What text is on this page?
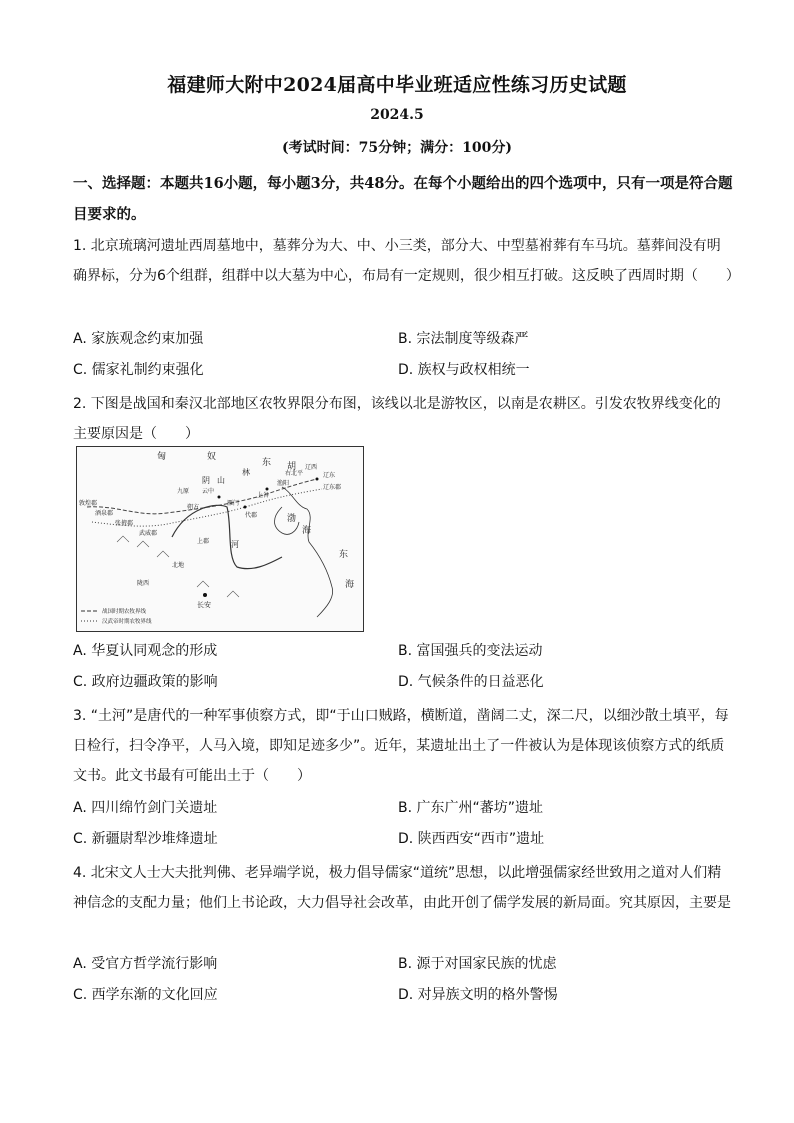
福建师大附中2024届高中毕业班适应性练习历史试题
2024.5
(考试时间：75分钟；满分：100分)
一、选择题：本题共16小题，每小题3分，共48分。在每个小题给出的四个选项中，只有一项是符合题目要求的。
1. 北京琉璃河遗址西周墓地中，墓葬分为大、中、小三类，部分大、中型墓祔葬有车马坑。墓葬间没有明确界标，分为6个组群，组群中以大墓为中心，布局有一定规则，很少相互打破。这反映了西周时期（　　）
A. 家族观念约束加强	B. 宗法制度等级森严
C. 儒家礼制约束强化	D. 族权与政权相统一
2. 下图是战国和秦汉北部地区农牧界限分布图，该线以北是游牧区，以南是农耕区。引发农牧界线变化的主要原因是（　　）
匈	奴
东 胡
林
云中
雁门
代郡
上谷
渔阳
右北平
辽西
辽东
辽东郡
九原
朔方
上郡
北地
陇西
武威郡
张掖郡
酒泉郡
敦煌郡
长安
渤
海
东
海
阴 山
河
战国时期农牧界线
汉武帝时期农牧界线
A. 华夏认同观念的形成	B. 富国强兵的变法运动
C. 政府边疆政策的影响	D. 气候条件的日益恶化
3. “土河”是唐代的一种军事侦察方式，即“于山口贼路，横断道，凿阔二丈，深二尺，以细沙散土填平，每日检行，扫令净平，人马入境，即知足迹多少”。近年，某遗址出土了一件被认为是体现该侦察方式的纸质文书。此文书最有可能出土于（　　）
A. 四川绵竹剑门关遗址	B. 广东广州“蕃坊”遗址
C. 新疆尉犁沙堆烽遗址	D. 陕西西安“西市”遗址
4. 北宋文人士大夫批判佛、老异端学说，极力倡导儒家“道统”思想，以此增强儒家经世致用之道对人们精神信念的支配力量；他们上书论政，大力倡导社会改革，由此开创了儒学发展的新局面。究其原因，主要是
A. 受官方哲学流行影响	B. 源于对国家民族的忧虑
C. 西学东渐的文化回应	D. 对异族文明的格外警惕
